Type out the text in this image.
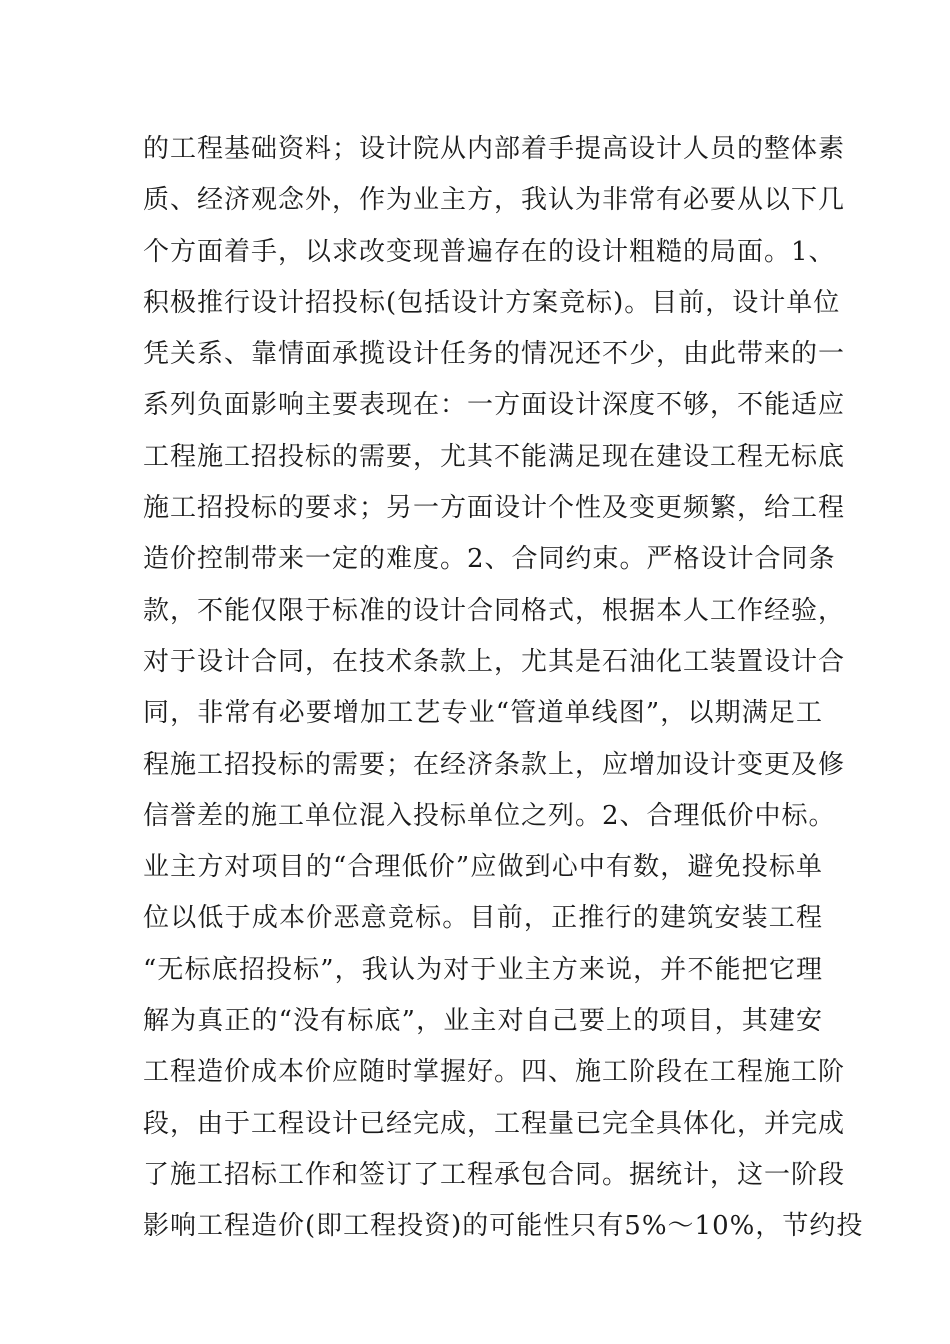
的工程基础资料；设计院从内部着手提高设计人员的整体素
质、经济观念外，作为业主方，我认为非常有必要从以下几
个方面着手，以求改变现普遍存在的设计粗糙的局面。1、
积极推行设计招投标(包括设计方案竞标)。目前，设计单位
凭关系、靠情面承揽设计任务的情况还不少，由此带来的一
系列负面影响主要表现在：一方面设计深度不够，不能适应
工程施工招投标的需要，尤其不能满足现在建设工程无标底
施工招投标的要求；另一方面设计个性及变更频繁，给工程
造价控制带来一定的难度。2、合同约束。严格设计合同条
款，不能仅限于标准的设计合同格式，根据本人工作经验，
对于设计合同，在技术条款上，尤其是石油化工装置设计合
同，非常有必要增加工艺专业“管道单线图”，以期满足工
程施工招投标的需要；在经济条款上，应增加设计变更及修
信誉差的施工单位混入投标单位之列。2、合理低价中标。
业主方对项目的“合理低价”应做到心中有数，避免投标单
位以低于成本价恶意竞标。目前，正推行的建筑安装工程
“无标底招投标”，我认为对于业主方来说，并不能把它理
解为真正的“没有标底”，业主对自己要上的项目，其建安
工程造价成本价应随时掌握好。四、施工阶段在工程施工阶
段，由于工程设计已经完成，工程量已完全具体化，并完成
了施工招标工作和签订了工程承包合同。据统计，这一阶段
影响工程造价(即工程投资)的可能性只有5%～10%，节约投
